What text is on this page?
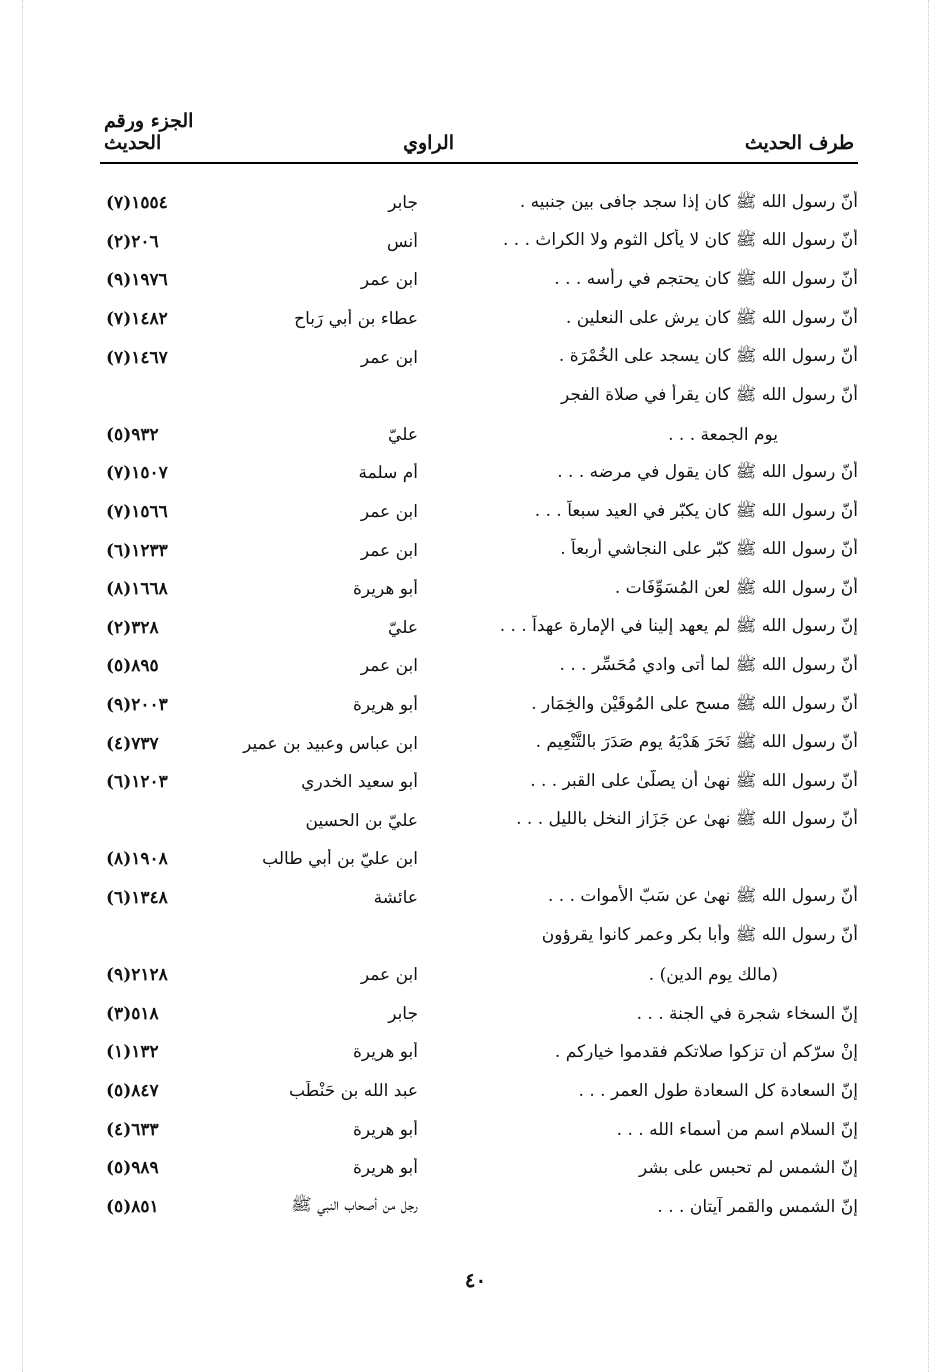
طرف الحديث
الراوي
الجزء ورقم الحديث
أنّ رسول الله ﷺ كان إذا سجد جافى بين جنبيه .
جابر
(٧)١٥٥٤
أنّ رسول الله ﷺ كان لا يأكل الثوم ولا الكراث . . .
أنس
(٢)٢٠٦
أنّ رسول الله ﷺ كان يحتجم في رأسه . . .
ابن عمر
(٩)١٩٧٦
أنّ رسول الله ﷺ كان يرش على النعلين .
عطاء بن أبي رَباح
(٧)١٤٨٢
أنّ رسول الله ﷺ كان يسجد على الخُمْرَة .
ابن عمر
(٧)١٤٦٧
أنّ رسول الله ﷺ كان يقرأ في صلاة الفجر
يوم الجمعة . . .
عليّ
(٥)٩٣٢
أنّ رسول الله ﷺ كان يقول في مرضه . . .
أم سلمة
(٧)١٥٠٧
أنّ رسول الله ﷺ كان يكبّر في العيد سبعاً . . .
ابن عمر
(٧)١٥٦٦
أنّ رسول الله ﷺ كبّر على النجاشي أربعاً .
ابن عمر
(٦)١٢٣٣
أنّ رسول الله ﷺ لعن المُسَوِّفَات .
أبو هريرة
(٨)١٦٦٨
إنّ رسول الله ﷺ لم يعهد إلينا في الإمارة عهداً . . .
عليّ
(٢)٣٢٨
أنّ رسول الله ﷺ لما أتى وادي مُحَسِّر . . .
ابن عمر
(٥)٨٩٥
أنّ رسول الله ﷺ مسح على المُوقَيْن والخِمَار .
أبو هريرة
(٩)٢٠٠٣
أنّ رسول الله ﷺ نَحَرَ هَدْيَهُ يوم صَدَرَ بالتَّنْعِيم .
ابن عباس وعبيد بن عمير
(٤)٧٣٧
أنّ رسول الله ﷺ نهىٰ أن يصلّىٰ على القبر . . .
أبو سعيد الخدري
(٦)١٢٠٣
أنّ رسول الله ﷺ نهىٰ عن جَزَاز النخل بالليل . . .
عليّ بن الحسين
ابن عليّ بن أبي طالب
(٨)١٩٠٨
أنّ رسول الله ﷺ نهىٰ عن سَبّ الأموات . . .
عائشة
(٦)١٣٤٨
أنّ رسول الله ﷺ وأبا بكر وعمر كانوا يقرؤون
(مالك يوم الدين) .
ابن عمر
(٩)٢١٢٨
إنّ السخاء شجرة في الجنة . . .
جابر
(٣)٥١٨
إنْ سرّكم أن تزكوا صلاتكم فقدموا خياركم .
أبو هريرة
(١)١٣٢
إنّ السعادة كل السعادة طول العمر . . .
عبد الله بن حَنْطَب
(٥)٨٤٧
إنّ السلام اسم من أسماء الله . . .
أبو هريرة
(٤)٦٣٣
إنّ الشمس لم تحبس على بشر
أبو هريرة
(٥)٩٨٩
إنّ الشمس والقمر آيتان . . .
رجل من أصحاب النبي ﷺ
(٥)٨٥١
٤٠
